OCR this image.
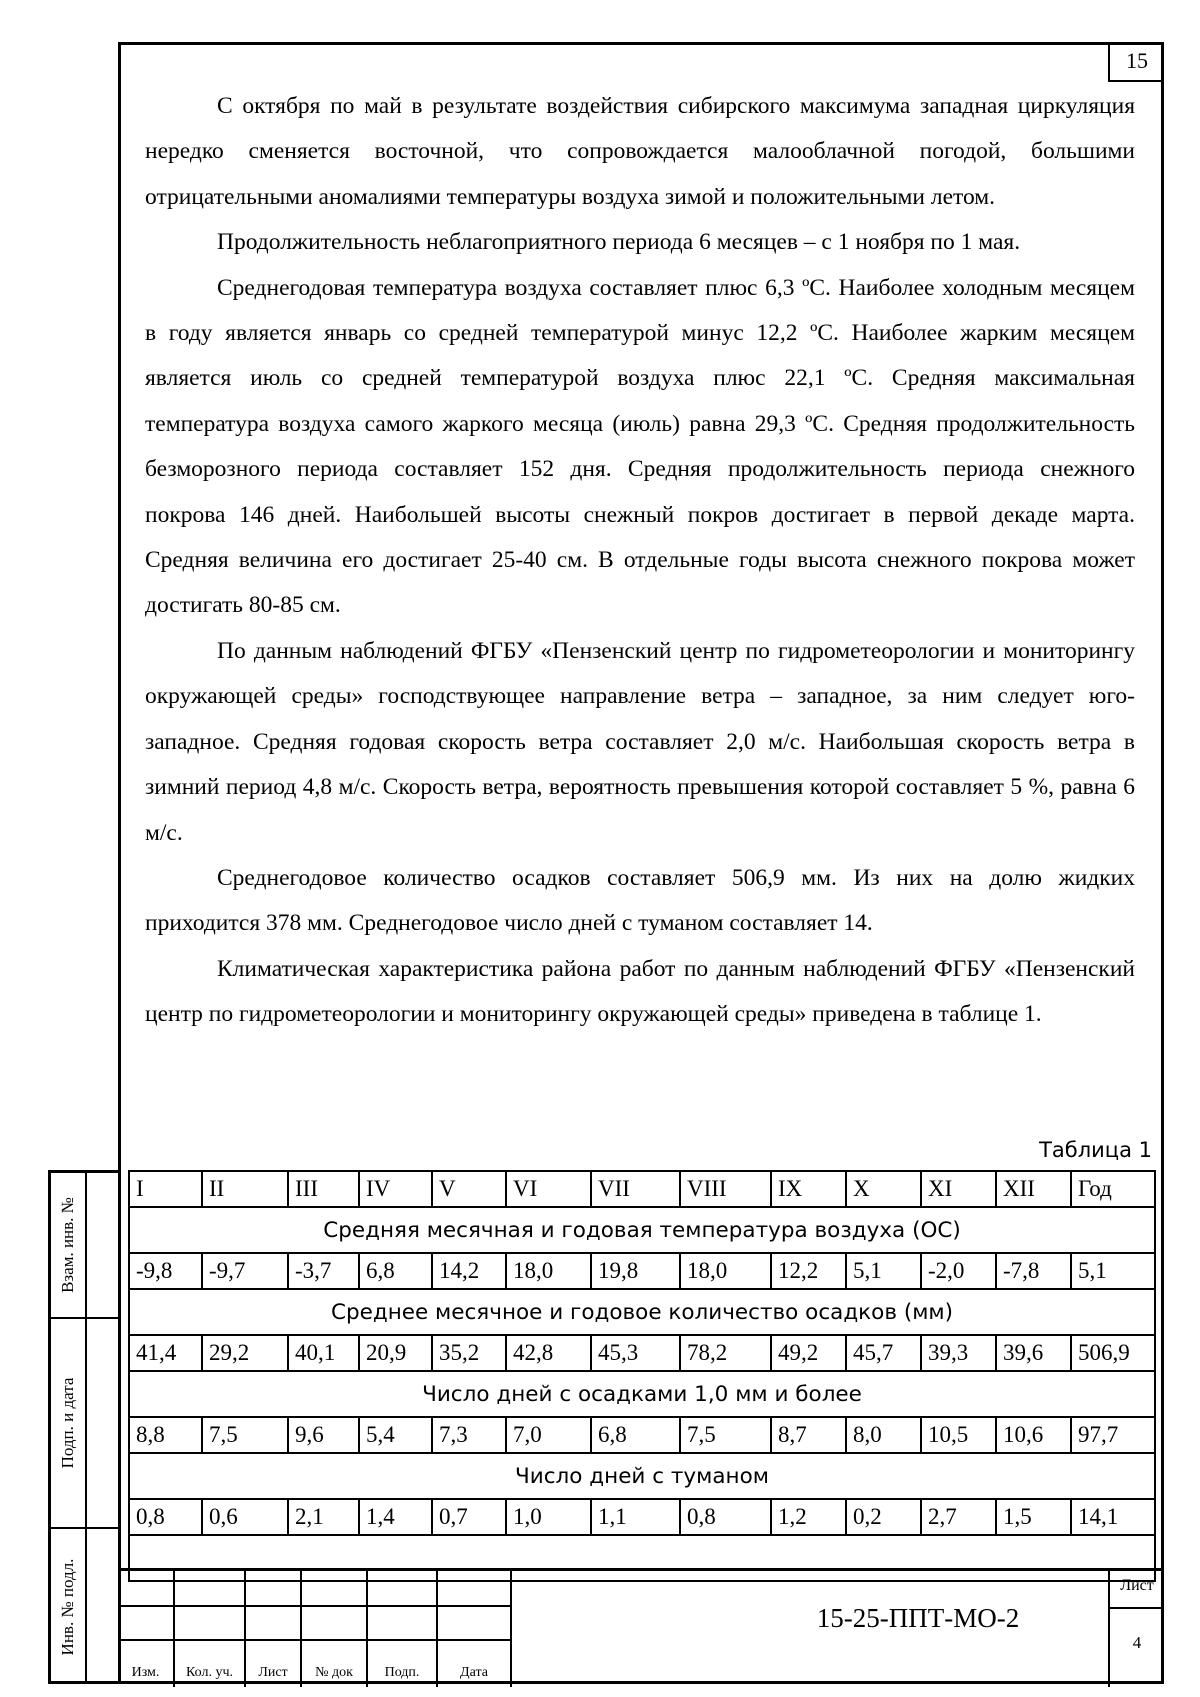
15

С октября по май в результате воздействия сибирского максимума западная циркуляция нередко сменяется восточной, что сопровождается малооблачной погодой, большими отрицательными аномалиями температуры воздуха зимой и положительными летом.

Продолжительность неблагоприятного периода 6 месяцев – с 1 ноября по 1 мая.

Среднегодовая температура воздуха составляет плюс 6,3 ºС. Наиболее холодным месяцем в году является январь со средней температурой минус 12,2 ºС. Наиболее жарким месяцем является июль со средней температурой воздуха плюс 22,1 ºС. Средняя максимальная температура воздуха самого жаркого месяца (июль) равна 29,3 ºС. Средняя продолжительность безморозного периода составляет 152 дня. Средняя продолжительность периода снежного покрова 146 дней. Наибольшей высоты снежный покров достигает в первой декаде марта. Средняя величина его достигает 25-40 см. В отдельные годы высота снежного покрова может достигать 80-85 см.

По данным наблюдений ФГБУ «Пензенский центр по гидрометеорологии и мониторингу окружающей среды» господствующее направление ветра – западное, за ним следует юго-западное. Средняя годовая скорость ветра составляет 2,0 м/с. Наибольшая скорость ветра в зимний период 4,8 м/с. Скорость ветра, вероятность превышения которой составляет 5 %, равна 6 м/с.

Среднегодовое количество осадков составляет 506,9 мм. Из них на долю жидких приходится 378 мм. Среднегодовое число дней с туманом составляет 14.

Климатическая характеристика района работ по данным наблюдений ФГБУ «Пензенский центр по гидрометеорологии и мониторингу окружающей среды» приведена в таблице 1.

Таблица 1
I	II	III	IV	V	VI	VII	VIII	IX	X	XI	XII	Год
Средняя месячная и годовая температура воздуха (ОС)												
-9,8	-9,7	-3,7	6,8	14,2	18,0	19,8	18,0	12,2	5,1	-2,0	-7,8	5,1
Среднее месячное и годовое количество осадков (мм)												
41,4	29,2	40,1	20,9	35,2	42,8	45,3	78,2	49,2	45,7	39,3	39,6	506,9
Число дней с осадками 1,0 мм и более												
8,8	7,5	9,6	5,4	7,3	7,0	6,8	7,5	8,7	8,0	10,5	10,6	97,7
Число дней с туманом												
0,8	0,6	2,1	1,4	0,7	1,0	1,1	0,8	1,2	0,2	2,7	1,5	14,1

Взам. инв. №
Подп. и дата
Инв. № подл.
Изм.	Кол. уч.	Лист	№ док	Подп.	Дата
15-25-ППТ-МО-2
Лист
4
